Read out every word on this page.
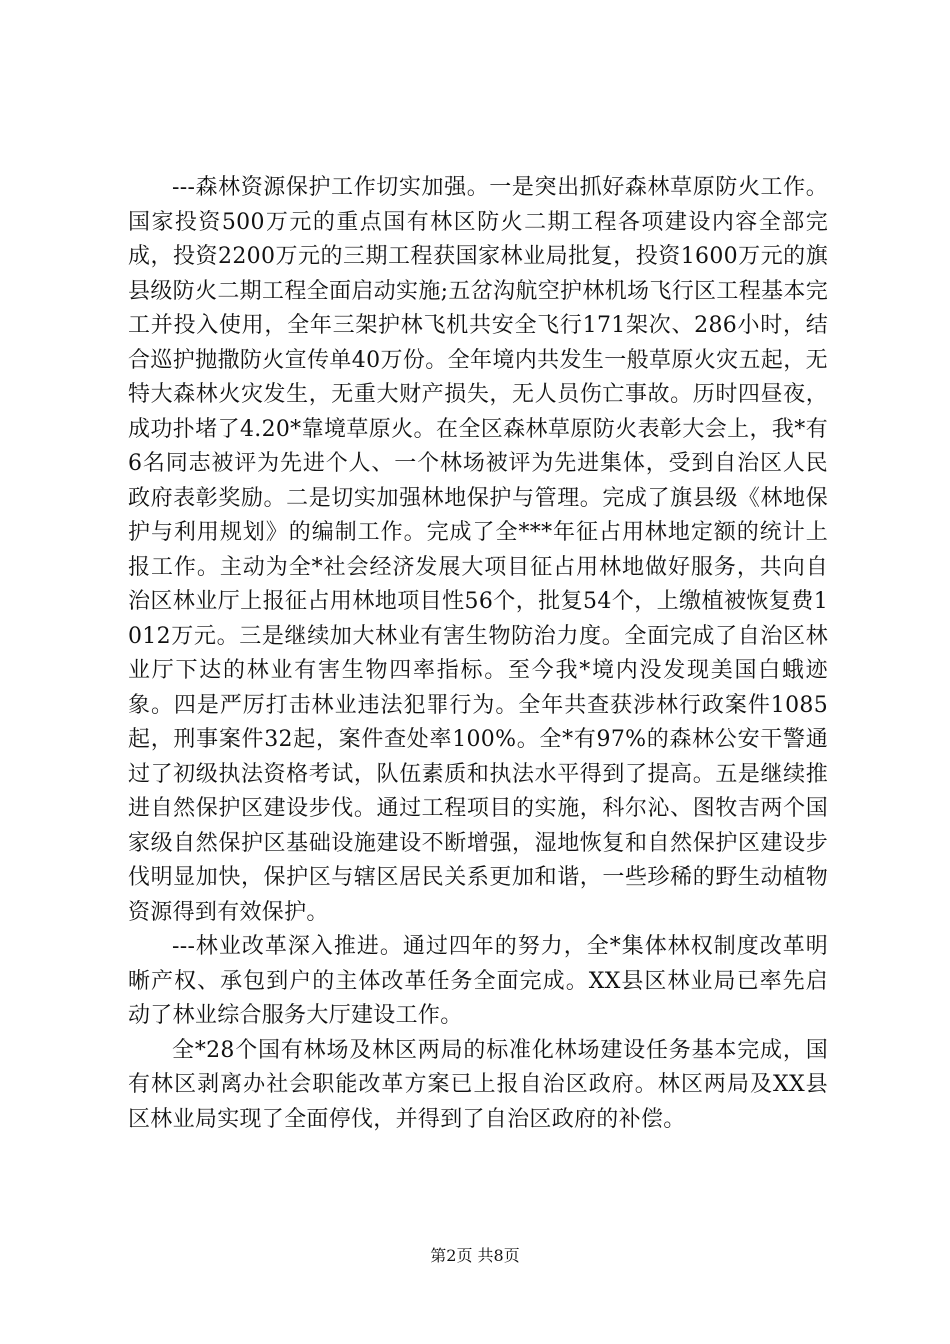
---森林资源保护工作切实加强。一是突出抓好森林草原防火工作。国家投资500万元的重点国有林区防火二期工程各项建设内容全部完成，投资2200万元的三期工程获国家林业局批复，投资1600万元的旗县级防火二期工程全面启动实施;五岔沟航空护林机场飞行区工程基本完工并投入使用，全年三架护林飞机共安全飞行171架次、286小时，结合巡护抛撒防火宣传单40万份。全年境内共发生一般草原火灾五起，无特大森林火灾发生，无重大财产损失，无人员伤亡事故。历时四昼夜，成功扑堵了4.20*靠境草原火。在全区森林草原防火表彰大会上，我*有6名同志被评为先进个人、一个林场被评为先进集体，受到自治区人民政府表彰奖励。二是切实加强林地保护与管理。完成了旗县级《林地保护与利用规划》的编制工作。完成了全***年征占用林地定额的统计上报工作。主动为全*社会经济发展大项目征占用林地做好服务，共向自治区林业厅上报征占用林地项目性56个，批复54个，上缴植被恢复费1012万元。三是继续加大林业有害生物防治力度。全面完成了自治区林业厅下达的林业有害生物四率指标。至今我*境内没发现美国白蛾迹象。四是严厉打击林业违法犯罪行为。全年共查获涉林行政案件1085起，刑事案件32起，案件查处率100%。全*有97%的森林公安干警通过了初级执法资格考试，队伍素质和执法水平得到了提高。五是继续推进自然保护区建设步伐。通过工程项目的实施，科尔沁、图牧吉两个国家级自然保护区基础设施建设不断增强，湿地恢复和自然保护区建设步伐明显加快，保护区与辖区居民关系更加和谐，一些珍稀的野生动植物资源得到有效保护。

---林业改革深入推进。通过四年的努力，全*集体林权制度改革明晰产权、承包到户的主体改革任务全面完成。XX县区林业局已率先启动了林业综合服务大厅建设工作。

全*28个国有林场及林区两局的标准化林场建设任务基本完成，国有林区剥离办社会职能改革方案已上报自治区政府。林区两局及XX县区林业局实现了全面停伐，并得到了自治区政府的补偿。

第2页 共8页
